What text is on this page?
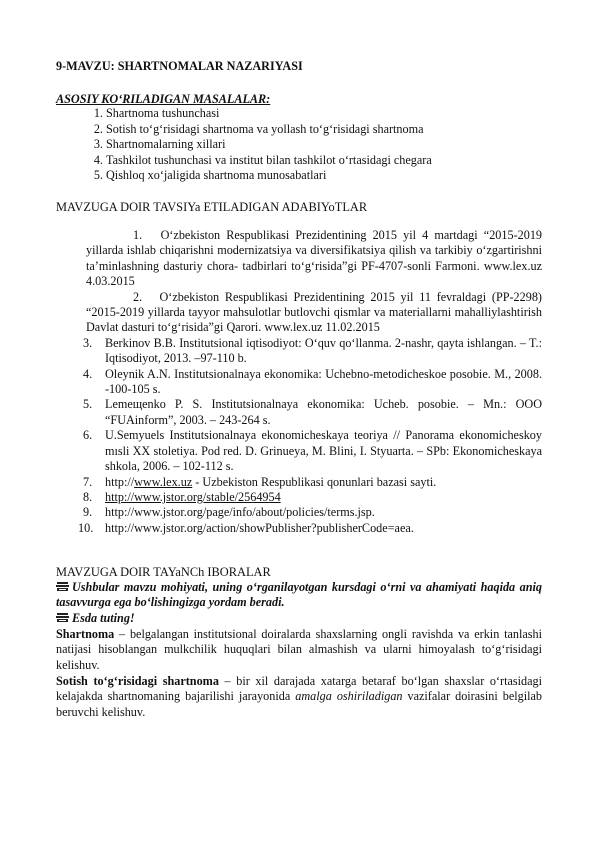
9-MAVZU: SHARTNOMALAR NAZARIYASI
ASOSIY KO‘RILADIGAN MASALALAR:
1. Shartnoma tushunchasi
2. Sotish to‘g‘risidagi shartnoma va yollash to‘g‘risidagi shartnoma
3. Shartnomalarning xillari
4. Tashkilot tushunchasi va institut bilan tashkilot o‘rtasidagi chegara
5. Qishloq xo‘jaligida shartnoma munosabatlari
MAVZUGA DOIR TAVSIYa ETILADIGAN ADABIYoTLAR
1. O‘zbekiston Respublikasi Prezidentining 2015 yil 4 martdagi “2015-2019 yillarda ishlab chiqarishni modernizatsiya va diversifikatsiya qilish va tarkibiy o‘zgartirishni ta’minlashning dasturiy chora- tadbirlari to‘g‘risida”gi PF-4707-sonli Farmoni. www.lex.uz 4.03.2015
2. O‘zbekiston Respublikasi Prezidentining 2015 yil 11 fevraldagi (PP-2298) “2015-2019 yillarda tayyor mahsulotlar butlovchi qismlar va materiallarni mahalliylashtirish Davlat dasturi to‘g‘risida”gi Qarori. www.lex.uz 11.02.2015
3. Berkinov B.B. Institutsional iqtisodiyot: O‘quv qo‘llanma. 2-nashr, qayta ishlangan. – T.: Iqtisodiyot, 2013. –97-110 b.
4. Oleynik A.N. Institutsionalnaya ekonomika: Uchebno-metodicheskoe posobie. M., 2008. -100-105 s.
5. Lemeщenko P. S. Institutsionalnaya ekonomika: Ucheb. posobie. – Mn.: OOO “FUAinform”, 2003. – 243-264 s.
6. U.Semyuels Institutsionalnaya ekonomicheskaya teoriya // Panorama ekonomicheskoy mısli XX stoletiya. Pod red. D. Grinueya, M. Blini, I. Styuarta. – SPb: Ekonomicheskaya shkola, 2006. – 102-112 s.
7. http://www.lex.uz - Uzbekiston Respublikasi qonunlari bazasi sayti.
8. http://www.jstor.org/stable/2564954
9. http://www.jstor.org/page/info/about/policies/terms.jsp.
10. http://www.jstor.org/action/showPublisher?publisherCode=aea.
MAVZUGA DOIR TAYaNCh IBORALAR
Ushbular mavzu mohiyati, uning o‘rganilayotgan kursdagi o‘rni va ahamiyati haqida aniq tasavvurga ega bo‘lishingizga yordam beradi.
Esda tuting!
Shartnoma – belgalangan institutsional doiralarda shaxslarning ongli ravishda va erkin tanlashi natijasi hisoblangan mulkchilik huquqlari bilan almashish va ularni himoyalash to‘g‘risidagi kelishuv.
Sotish to‘g‘risidagi shartnoma – bir xil darajada xatarga betaraf bo‘lgan shaxslar o‘rtasidagi kelajakda shartnomaning bajarilishi jarayonida amalga oshiriladigan vazifalar doirasini belgilab beruvchi kelishuv.
